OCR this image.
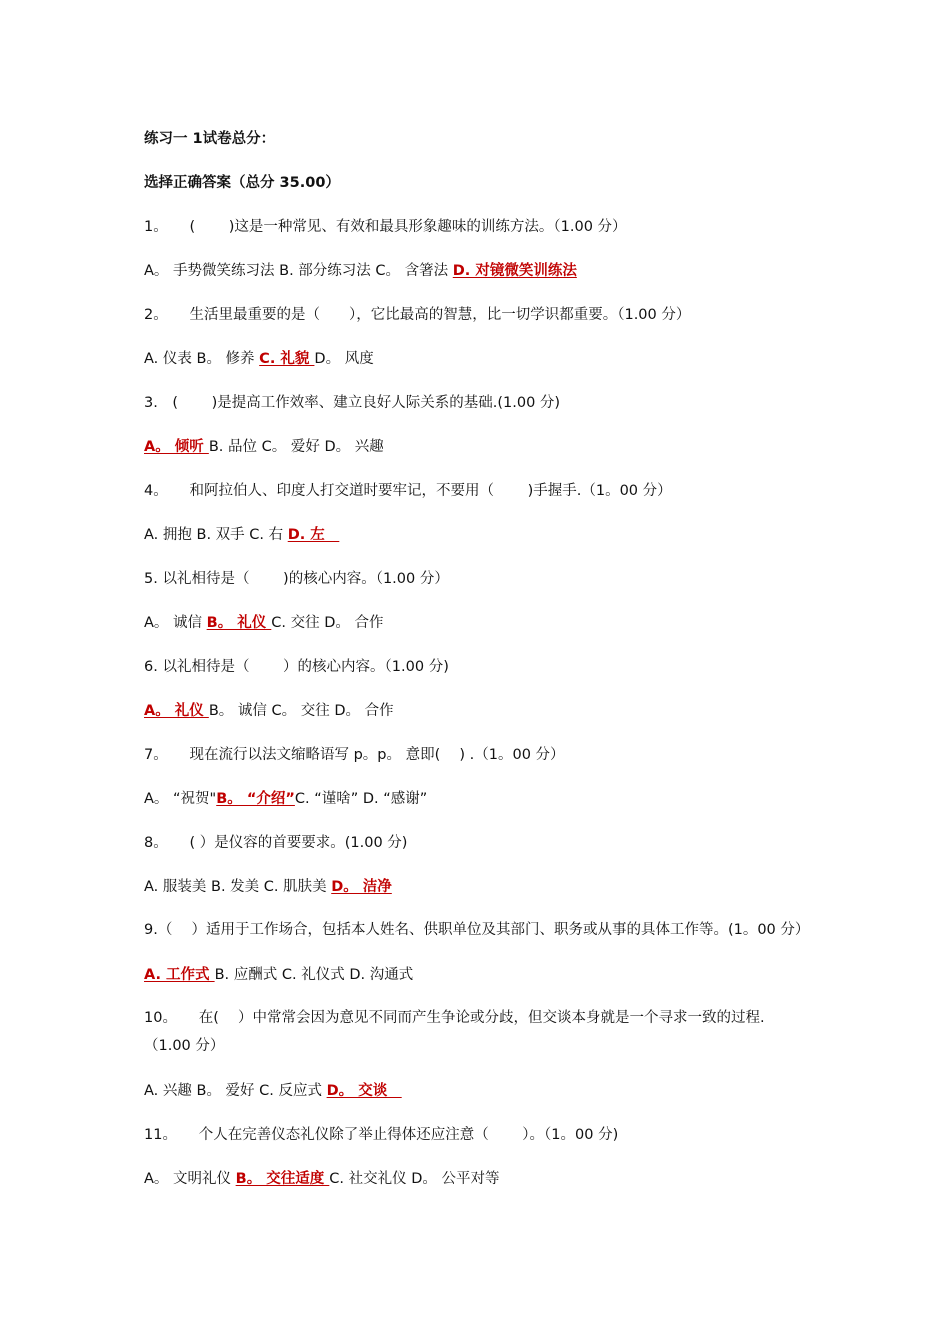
练习一 1试卷总分：
选择正确答案（总分 35.00）
1。　　(　　 )这是一种常见、有效和最具形象趣味的训练方法。（1.00 分）
A。 手势微笑练习法 B. 部分练习法 C。 含箸法 D. 对镜微笑训练法
2。　　生活里最重要的是（　　），它比最高的智慧，比一切学识都重要。（1.00 分）
A. 仪表 B。 修养 C. 礼貌 D。 风度
3.　(　　 )是提高工作效率、建立良好人际关系的基础.(1.00 分)
A。 倾听 B. 品位 C。 爱好 D。 兴趣
4。　　和阿拉伯人、印度人打交道时要牢记，不要用（　　 )手握手.（1。00 分）
A. 拥抱 B. 双手 C. 右 D. 左　
5. 以礼相待是（　　 )的核心内容。（1.00 分）
A。 诚信 B。 礼仪 C. 交往 D。 合作
6. 以礼相待是（　　 ）的核心内容。（1.00 分)
A。 礼仪 B。 诚信 C。 交往 D。 合作
7。　　现在流行以法文缩略语写 p。p。 意即(　 ) .（1。00 分）
A。 “祝贺"B。 “介绍”C. “谨啥” D. “感谢”
8。　　( ）是仪容的首要要求。(1.00 分)
A. 服装美 B. 发美 C. 肌肤美 D。 洁净
9.（　 ）适用于工作场合，包括本人姓名、供职单位及其部门、职务或从事的具体工作等。(1。00 分）
A. 工作式 B. 应酬式 C. 礼仪式 D. 沟通式
10。　　在(　 ）中常常会因为意见不同而产生争论或分歧，但交谈本身就是一个寻求一致的过程.（1.00 分）
A. 兴趣 B。 爱好 C. 反应式 D。 交谈　
11。　　个人在完善仪态礼仪除了举止得体还应注意（　　 ）。（1。00 分)
A。 文明礼仪 B。 交往适度 C. 社交礼仪 D。 公平对等
